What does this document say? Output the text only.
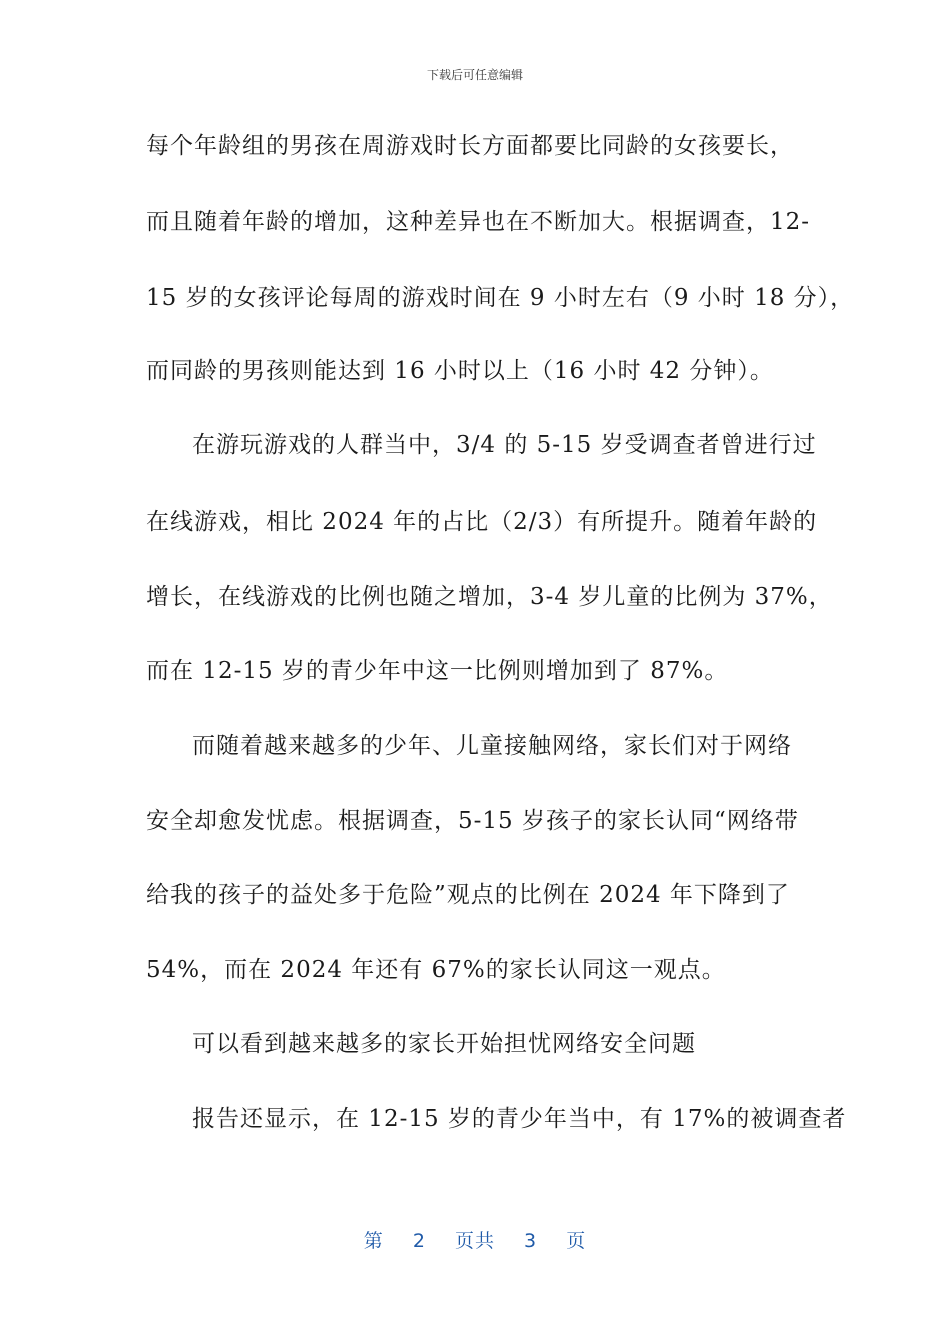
下载后可任意编辑
每个年龄组的男孩在周游戏时长方面都要比同龄的女孩要长，
而且随着年龄的增加，这种差异也在不断加大。根据调查，12-
15 岁的女孩评论每周的游戏时间在 9 小时左右（9 小时 18 分），
而同龄的男孩则能达到 16 小时以上（16 小时 42 分钟）。
在游玩游戏的人群当中，3/4 的 5-15 岁受调查者曾进行过
在线游戏，相比 2024 年的占比（2/3）有所提升。随着年龄的
增长，在线游戏的比例也随之增加，3-4 岁儿童的比例为 37%，
而在 12-15 岁的青少年中这一比例则增加到了 87%。
而随着越来越多的少年、儿童接触网络，家长们对于网络
安全却愈发忧虑。根据调查，5-15 岁孩子的家长认同“网络带
给我的孩子的益处多于危险”观点的比例在 2024 年下降到了
54%，而在 2024 年还有 67%的家长认同这一观点。
可以看到越来越多的家长开始担忧网络安全问题
报告还显示，在 12-15 岁的青少年当中，有 17%的被调查者
第 2 页共 3 页
